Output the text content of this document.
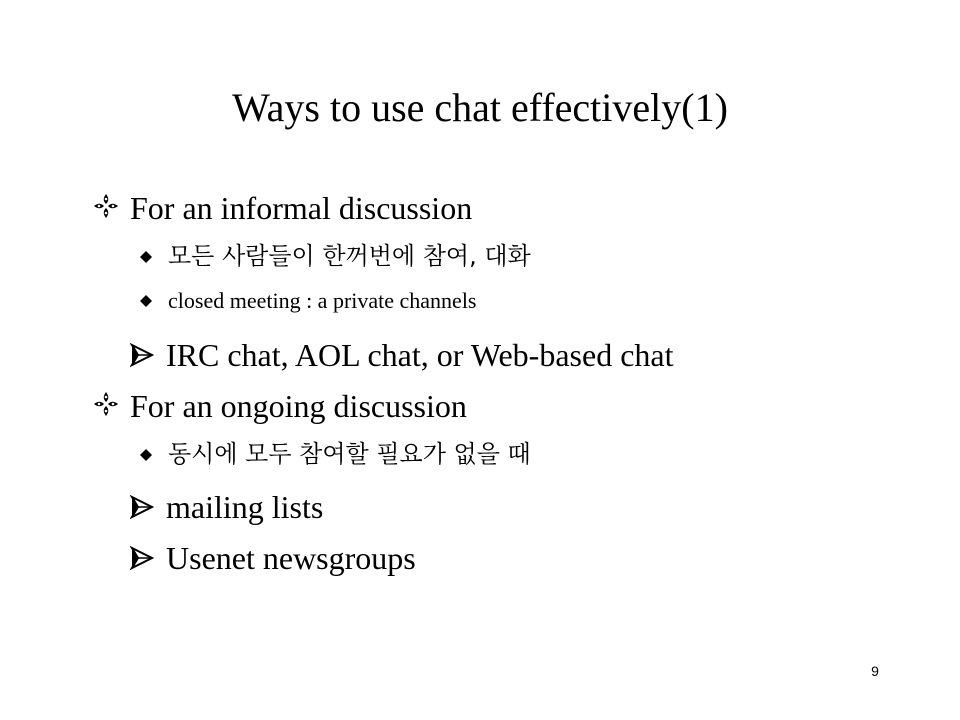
Ways to use chat effectively(1)
For an informal discussion
모든 사람들이 한꺼번에 참여, 대화
closed meeting : a private channels
IRC chat, AOL chat, or Web-based chat
For an ongoing discussion
동시에 모두 참여할 필요가 없을 때
mailing lists
Usenet newsgroups
9
